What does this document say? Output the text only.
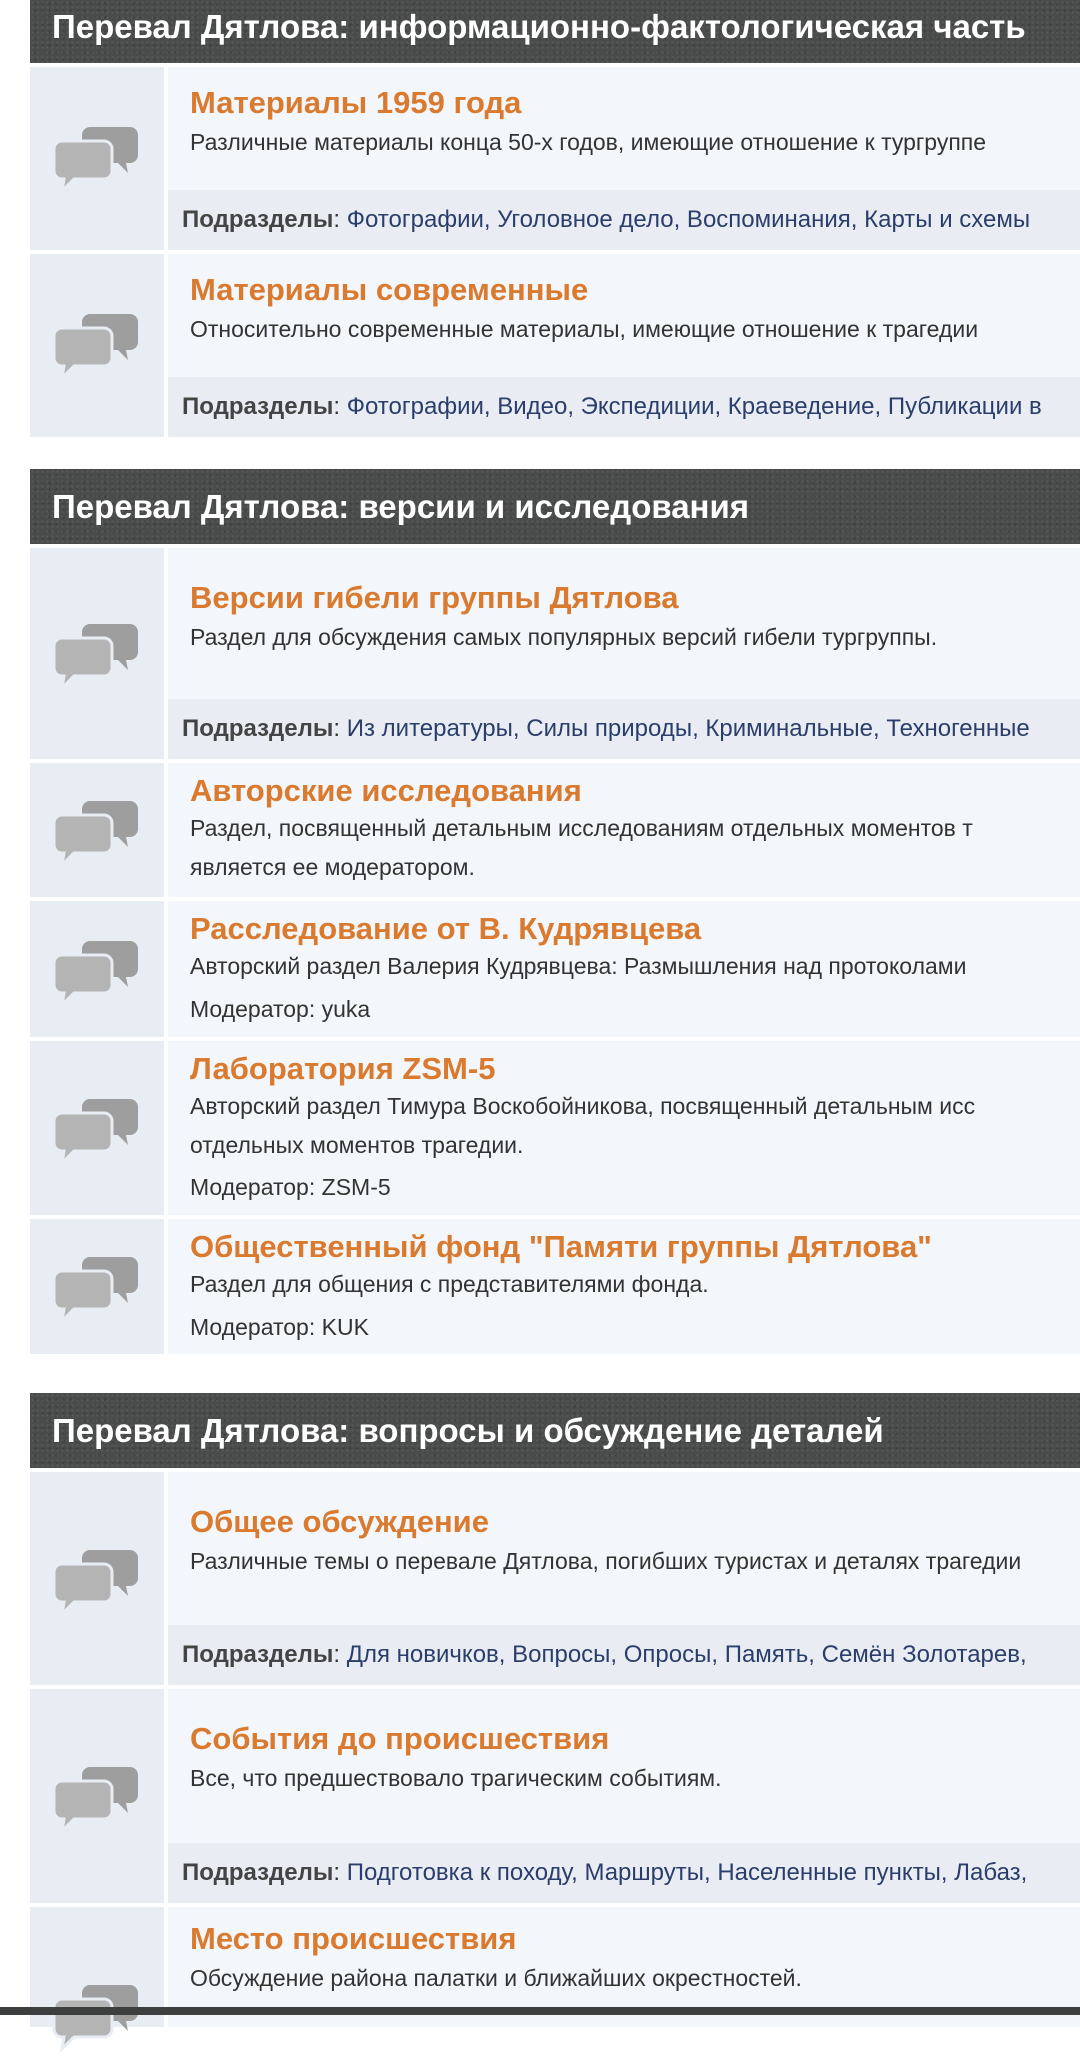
Перевал Дятлова: информационно-фактологическая часть
Материалы 1959 года
Различные материалы конца 50-х годов, имеющие отношение к тургруппе
Подразделы: Фотографии, Уголовное дело, Воспоминания, Карты и схемы
Материалы современные
Относительно современные материалы, имеющие отношение к трагедии
Подразделы: Фотографии, Видео, Экспедиции, Краеведение, Публикации в
Перевал Дятлова: версии и исследования
Версии гибели группы Дятлова
Раздел для обсуждения самых популярных версий гибели тургруппы.
Подразделы: Из литературы, Силы природы, Криминальные, Техногенные
Авторские исследования
Раздел, посвященный детальным исследованиям отдельных моментов т
является ее модератором.
Расследование от В. Кудрявцева
Авторский раздел Валерия Кудрявцева: Размышления над протоколами
Модератор: yuka
Лаборатория ZSM-5
Авторский раздел Тимура Воскобойникова, посвященный детальным исс
отдельных моментов трагедии.
Модератор: ZSM-5
Общественный фонд "Памяти группы Дятлова"
Раздел для общения с представителями фонда.
Модератор: KUK
Перевал Дятлова: вопросы и обсуждение деталей
Общее обсуждение
Различные темы о перевале Дятлова, погибших туристах и деталях трагедии
Подразделы: Для новичков, Вопросы, Опросы, Память, Семён Золотарев,
События до происшествия
Все, что предшествовало трагическим событиям.
Подразделы: Подготовка к походу, Маршруты, Населенные пункты, Лабаз,
Место происшествия
Обсуждение района палатки и ближайших окрестностей.
